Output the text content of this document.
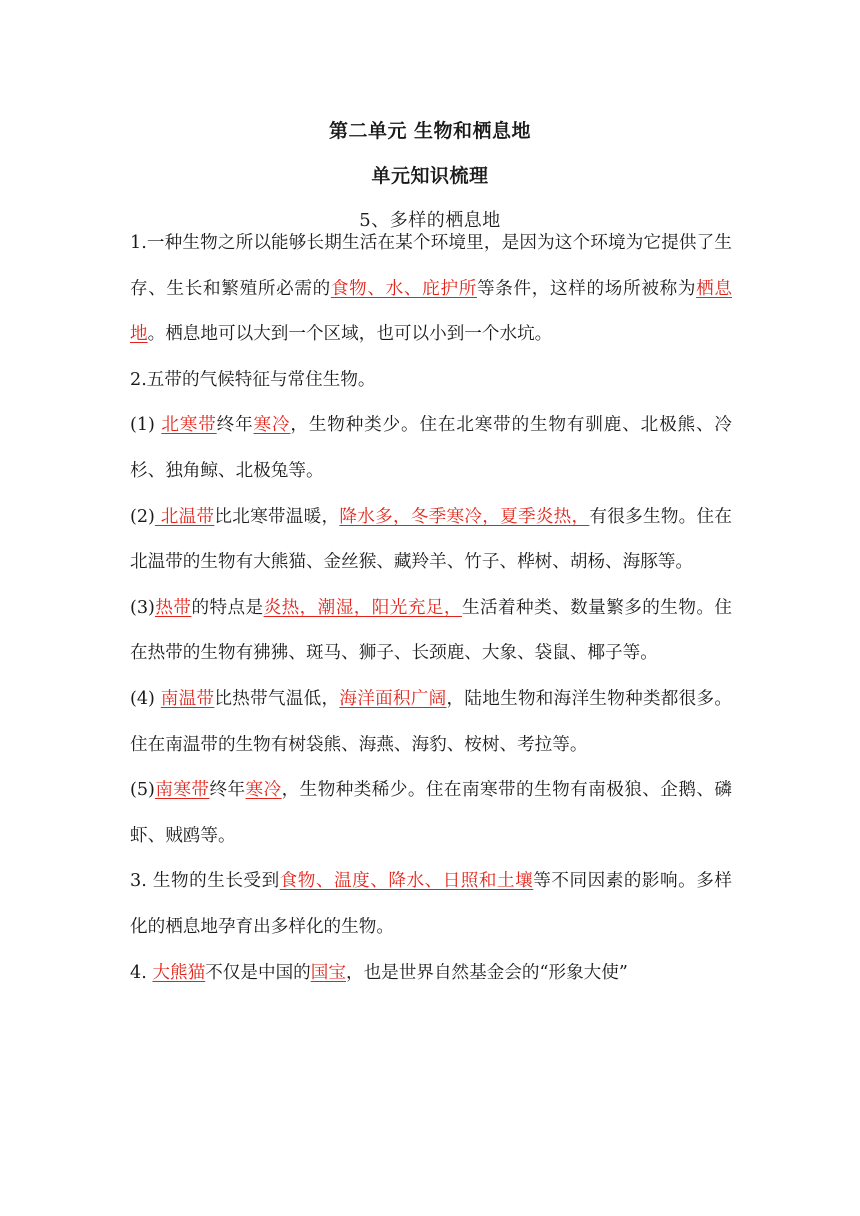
第二单元 生物和栖息地
单元知识梳理
5、多样的栖息地

1.一种生物之所以能够长期生活在某个环境里，是因为这个环境为它提供了生存、生长和繁殖所必需的食物、水、庇护所等条件，这样的场所被称为栖息地。栖息地可以大到一个区域，也可以小到一个水坑。

2.五带的气候特征与常住生物。

(1) 北寒带终年寒冷，生物种类少。住在北寒带的生物有驯鹿、北极熊、冷杉、独角鲸、北极兔等。

(2) 北温带比北寒带温暖，降水多，冬季寒冷，夏季炎热，有很多生物。住在北温带的生物有大熊猫、金丝猴、藏羚羊、竹子、桦树、胡杨、海豚等。

(3)热带的特点是炎热，潮湿，阳光充足，生活着种类、数量繁多的生物。住在热带的生物有狒狒、斑马、狮子、长颈鹿、大象、袋鼠、椰子等。

(4) 南温带比热带气温低，海洋面积广阔，陆地生物和海洋生物种类都很多。住在南温带的生物有树袋熊、海燕、海豹、桉树、考拉等。

(5)南寒带终年寒冷，生物种类稀少。住在南寒带的生物有南极狼、企鹅、磷虾、贼鸥等。

3. 生物的生长受到食物、温度、降水、日照和土壤等不同因素的影响。多样化的栖息地孕育出多样化的生物。

4. 大熊猫不仅是中国的国宝，也是世界自然基金会的“形象大使”
